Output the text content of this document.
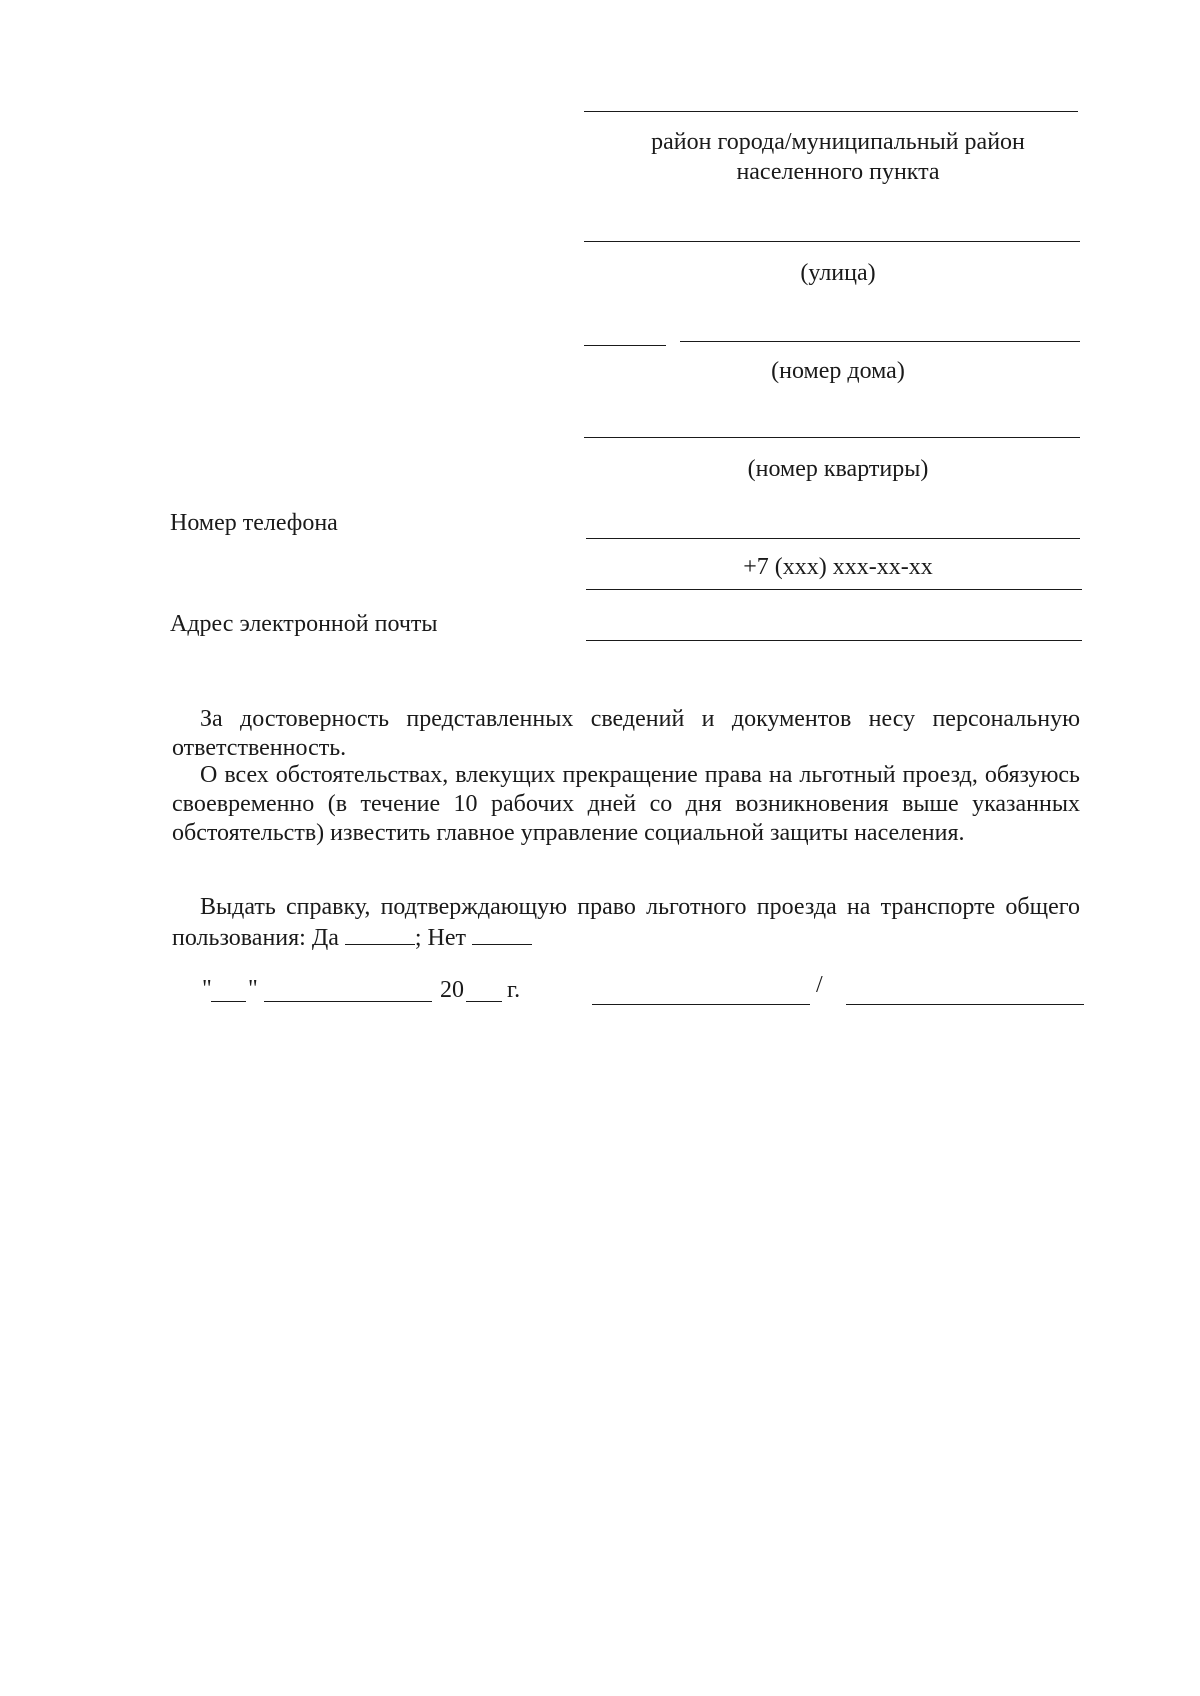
район города/муниципальный район
населенного пункта
(улица)
(номер дома)
(номер квартиры)
Номер телефона
+7 (xxx) xxx-xx-xx
Адрес электронной почты
За достоверность представленных сведений и документов несу персональную ответственность.
О всех обстоятельствах, влекущих прекращение права на льготный проезд, обязуюсь своевременно (в течение 10 рабочих дней со дня возникновения выше указанных обстоятельств) известить главное управление социальной защиты населения.
Выдать справку, подтверждающую право льготного проезда на транспорте общего пользования: Да	; Нет
" "	20 г.	/
